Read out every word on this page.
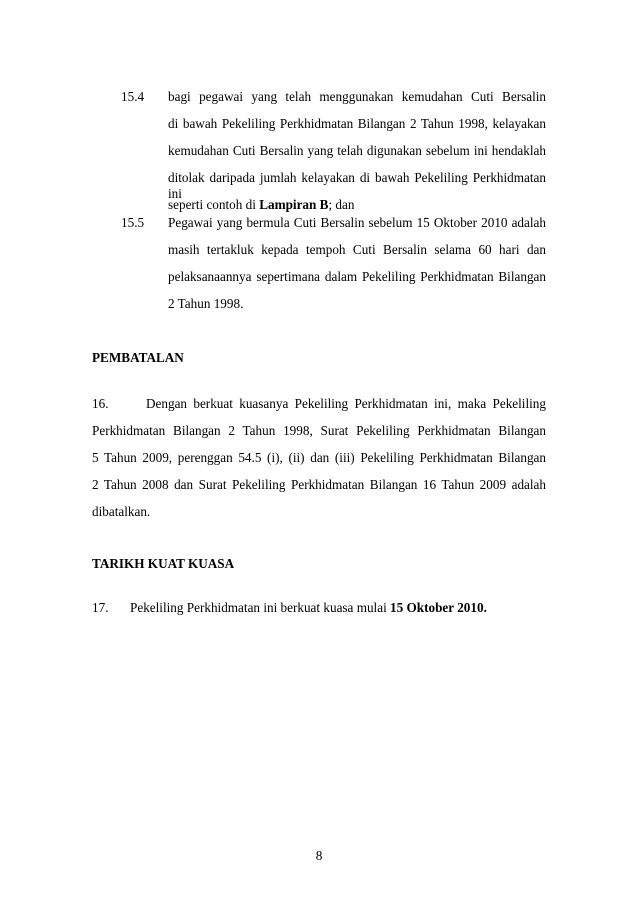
15.4 bagi pegawai yang telah menggunakan kemudahan Cuti Bersalin
di bawah Pekeliling Perkhidmatan Bilangan 2 Tahun 1998, kelayakan
kemudahan Cuti Bersalin yang telah digunakan sebelum ini hendaklah
ditolak daripada jumlah kelayakan di bawah Pekeliling Perkhidmatan ini
seperti contoh di Lampiran B; dan
15.5 Pegawai yang bermula Cuti Bersalin sebelum 15 Oktober 2010 adalah
masih tertakluk kepada tempoh Cuti Bersalin selama 60 hari dan
pelaksanaannya sepertimana dalam Pekeliling Perkhidmatan Bilangan
2 Tahun 1998.
PEMBATALAN
16.	Dengan berkuat kuasanya Pekeliling Perkhidmatan ini, maka Pekeliling
Perkhidmatan Bilangan 2 Tahun 1998, Surat Pekeliling Perkhidmatan Bilangan
5 Tahun 2009, perenggan 54.5 (i), (ii) dan (iii) Pekeliling Perkhidmatan Bilangan
2 Tahun 2008 dan Surat Pekeliling Perkhidmatan Bilangan 16 Tahun 2009 adalah
dibatalkan.
TARIKH KUAT KUASA
17. Pekeliling Perkhidmatan ini berkuat kuasa mulai 15 Oktober 2010.
8
